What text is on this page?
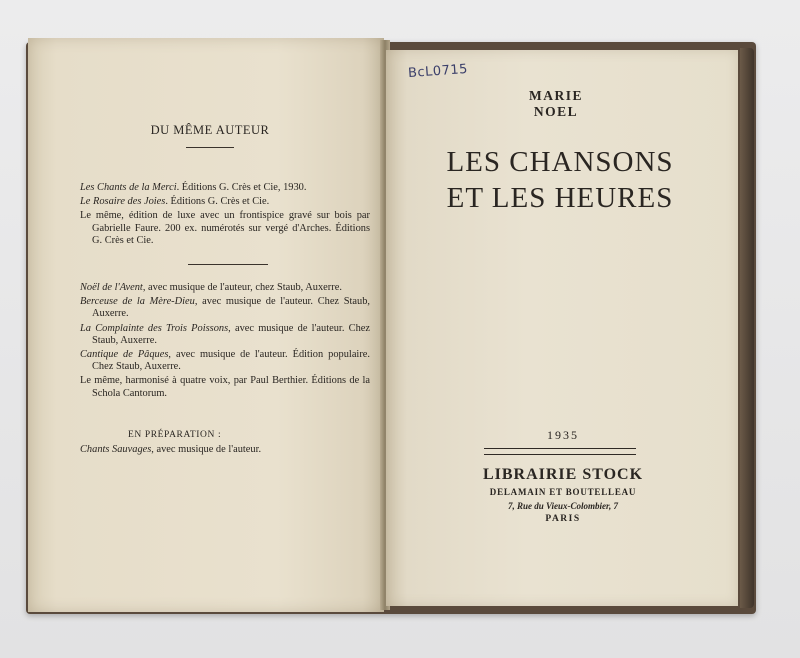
DU MÊME AUTEUR

Les Chants de la Merci. Éditions G. Crès et Cie, 1930.

Le Rosaire des Joies. Éditions G. Crès et Cie.

Le même, édition de luxe avec un frontispice gravé sur bois par Gabrielle Faure. 200 ex. numérotés sur vergé d'Arches. Éditions G. Crès et Cie.

Noël de l'Avent, avec musique de l'auteur, chez Staub, Auxerre.

Berceuse de la Mère-Dieu, avec musique de l'auteur. Chez Staub, Auxerre.

La Complainte des Trois Poissons, avec musique de l'auteur. Chez Staub, Auxerre.

Cantique de Pâques, avec musique de l'auteur. Édition populaire. Chez Staub, Auxerre.

Le même, harmonisé à quatre voix, par Paul Berthier. Éditions de la Schola Cantorum.

EN PRÉPARATION :
Chants Sauvages, avec musique de l'auteur.
BcL0715
MARIE NOEL
LES CHANSONS
ET LES HEURES
1935
LIBRAIRIE STOCK
DELAMAIN ET BOUTELLEAU
7, Rue du Vieux-Colombier, 7
PARIS
